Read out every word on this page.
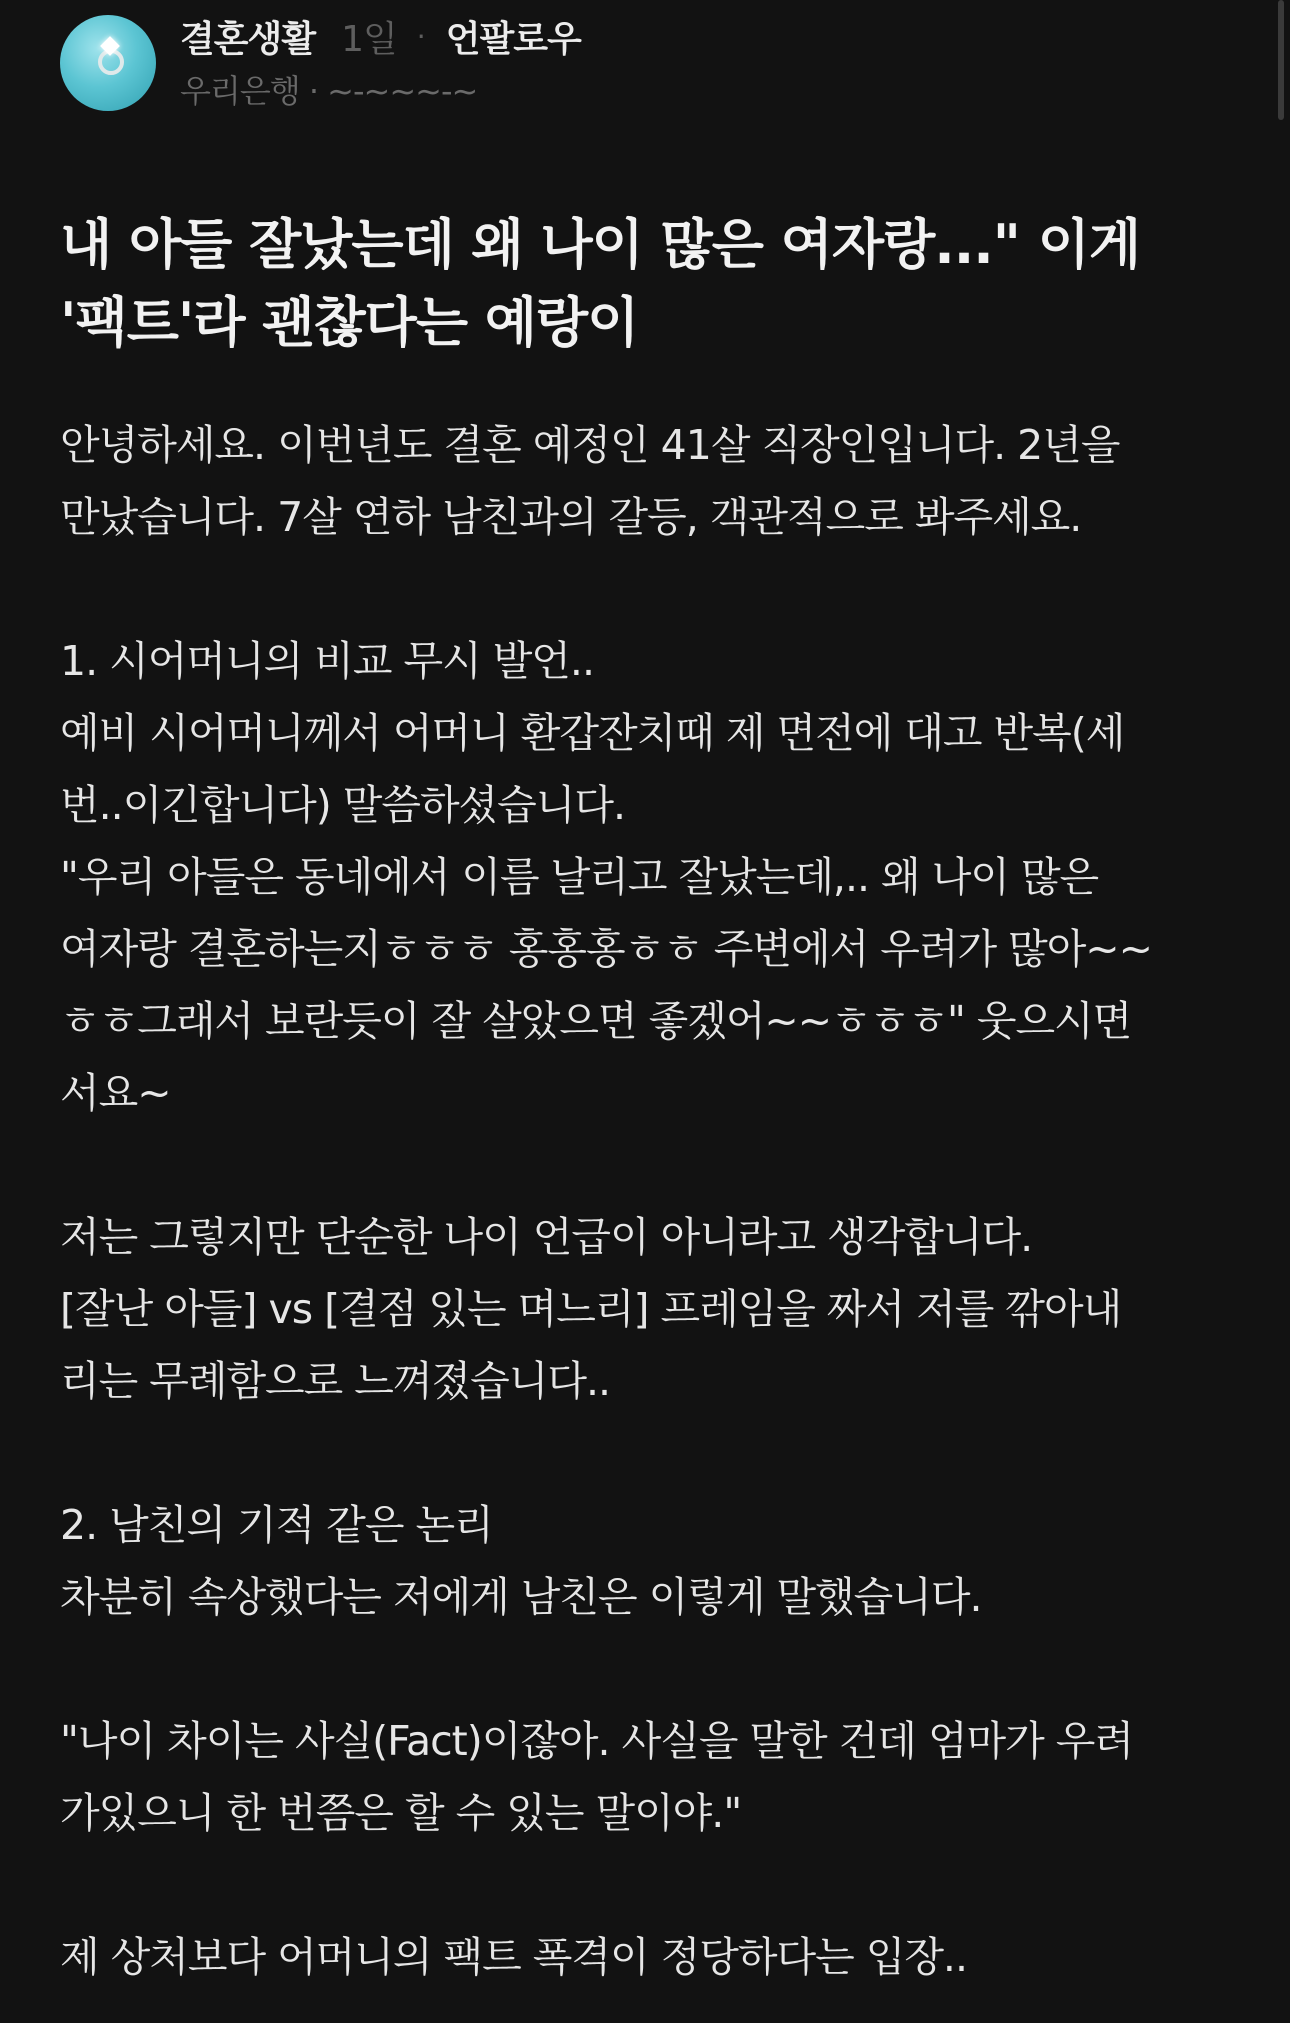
결혼생활 1일 · 언팔로우
우리은행 · ~-~~~-~
내 아들 잘났는데 왜 나이 많은 여자랑..." 이게
'팩트'라 괜찮다는 예랑이
안녕하세요. 이번년도 결혼 예정인 41살 직장인입니다. 2년을
만났습니다. 7살 연하 남친과의 갈등, 객관적으로 봐주세요.
1. 시어머니의 비교 무시 발언..
예비 시어머니께서 어머니 환갑잔치때 제 면전에 대고 반복(세
번..이긴합니다) 말씀하셨습니다.
"우리 아들은 동네에서 이름 날리고 잘났는데,.. 왜 나이 많은
여자랑 결혼하는지ㅎㅎㅎ 홍홍홍ㅎㅎ 주변에서 우려가 많아~~
ㅎㅎ그래서 보란듯이 잘 살았으면 좋겠어~~ㅎㅎㅎ" 웃으시면
서요~
저는 그렇지만 단순한 나이 언급이 아니라고 생각합니다.
[잘난 아들] vs [결점 있는 며느리] 프레임을 짜서 저를 깎아내
리는 무례함으로 느껴졌습니다..
2. 남친의 기적 같은 논리
차분히 속상했다는 저에게 남친은 이렇게 말했습니다.
"나이 차이는 사실(Fact)이잖아. 사실을 말한 건데 엄마가 우려
가있으니 한 번쯤은 할 수 있는 말이야."
제 상처보다 어머니의 팩트 폭격이 정당하다는 입장..
